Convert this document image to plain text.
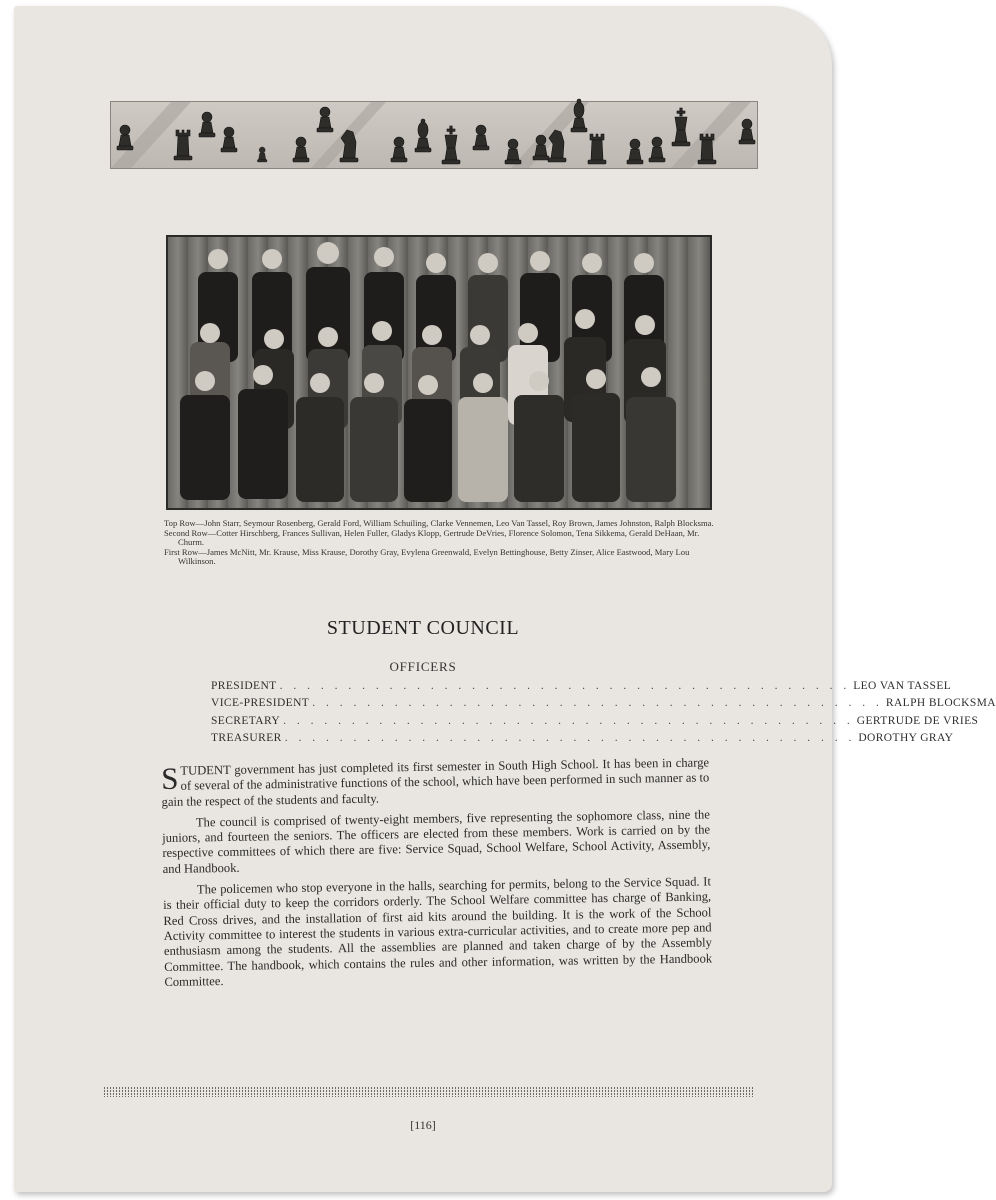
Top Row—John Starr, Seymour Rosenberg, Gerald Ford, William Schuiling, Clarke Vennemen, Leo Van Tassel, Roy Brown, James Johnston, Ralph Blocksma.
Second Row—Cotter Hirschberg, Frances Sullivan, Helen Fuller, Gladys Klopp, Gertrude DeVries, Florence Solomon, Tena Sikkema, Gerald DeHaan, Mr. Churm.
First Row—James McNitt, Mr. Krause, Miss Krause, Dorothy Gray, Evylena Greenwald, Evelyn Bettinghouse, Betty Zinser, Alice Eastwood, Mary Lou Wilkinson.
STUDENT COUNCIL
OFFICERS
PRESIDENT . . . . . . . . . . . . . . . . . . . . . . . . . . . . . . . . . . . . . . . . . . LEO VAN TASSEL
VICE-PRESIDENT . . . . . . . . . . . . . . . . . . . . . . . . . . . . . . . . . . . . . . . . . . RALPH BLOCKSMA
SECRETARY . . . . . . . . . . . . . . . . . . . . . . . . . . . . . . . . . . . . . . . . . . GERTRUDE DE VRIES
TREASURER . . . . . . . . . . . . . . . . . . . . . . . . . . . . . . . . . . . . . . . . . . DOROTHY GRAY

STUDENT government has just completed its first semester in South High School. It has been in charge of several of the administrative functions of the school, which have been performed in such manner as to gain the respect of the students and faculty.

The council is comprised of twenty-eight members, five representing the sophomore class, nine the juniors, and fourteen the seniors. The officers are elected from these members. Work is carried on by the respective committees of which there are five: Service Squad, School Welfare, School Activity, Assembly, and Handbook.

The policemen who stop everyone in the halls, searching for permits, belong to the Service Squad. It is their official duty to keep the corridors orderly. The School Welfare committee has charge of Banking, Red Cross drives, and the installation of first aid kits around the building. It is the work of the School Activity committee to interest the students in various extra-curricular activities, and to create more pep and enthusiasm among the students. All the assemblies are planned and taken charge of by the Assembly Committee. The handbook, which contains the rules and other information, was written by the Handbook Committee.

[116]
